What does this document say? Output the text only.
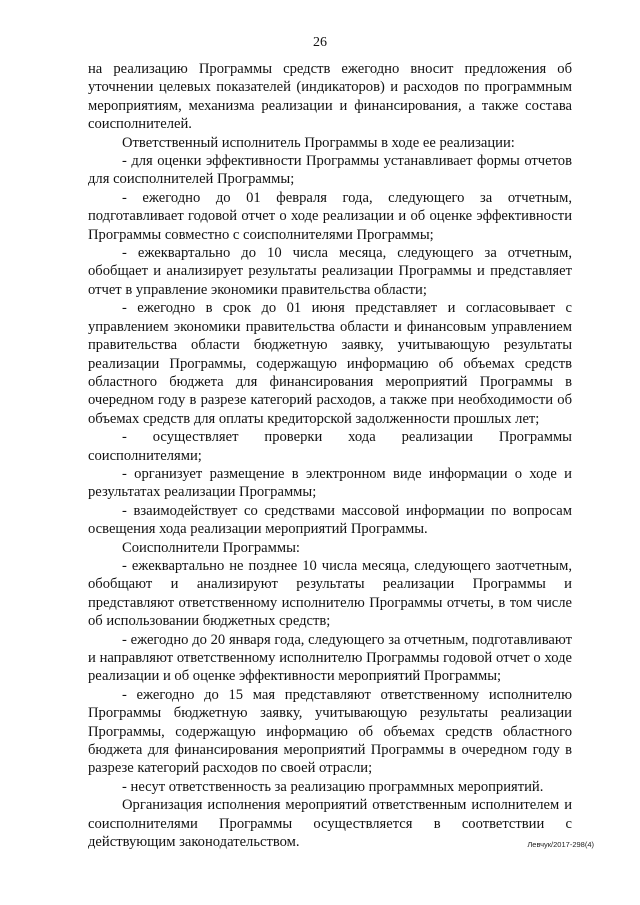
26

на реализацию Программы средств ежегодно вносит предложения об уточнении целевых показателей (индикаторов) и расходов по программным мероприятиям, механизма реализации и финансирования, а также состава соисполнителей.

Ответственный исполнитель Программы в ходе ее реализации:

- для оценки эффективности Программы устанавливает формы отчетов для соисполнителей Программы;

- ежегодно до 01 февраля года, следующего за отчетным, подготавливает годовой отчет о ходе реализации и об оценке эффективности Программы совместно с соисполнителями Программы;

- ежеквартально до 10 числа месяца, следующего за отчетным, обобщает и анализирует результаты реализации Программы и представляет отчет в управление экономики правительства области;

- ежегодно в срок до 01 июня представляет и согласовывает с управлением экономики правительства области и финансовым управлением правительства области бюджетную заявку, учитывающую результаты реализации Программы, содержащую информацию об объемах средств областного бюджета для финансирования мероприятий Программы в очередном году в разрезе категорий расходов, а также при необходимости об объемах средств для оплаты кредиторской задолженности прошлых лет;

- осуществляет проверки хода реализации Программы соисполнителями;

- организует размещение в электронном виде информации о ходе и результатах реализации Программы;

- взаимодействует со средствами массовой информации по вопросам освещения хода реализации мероприятий Программы.

Соисполнители Программы:

- ежеквартально не позднее 10 числа месяца, следующего заотчетным, обобщают и анализируют результаты реализации Программы и представляют ответственному исполнителю Программы отчеты, в том числе об использовании бюджетных средств;

- ежегодно до 20 января года, следующего за отчетным, подготавливают и направляют ответственному исполнителю Программы годовой отчет о ходе реализации и об оценке эффективности мероприятий Программы;

- ежегодно до 15 мая представляют ответственному исполнителю Программы бюджетную заявку, учитывающую результаты реализации Программы, содержащую информацию об объемах средств областного бюджета для финансирования мероприятий Программы в очередном году в разрезе категорий расходов по своей отрасли;

- несут ответственность за реализацию программных мероприятий.

Организация исполнения мероприятий ответственным исполнителем и соисполнителями Программы осуществляется в соответствии с действующим законодательством.	Левчук/2017-298(4)
